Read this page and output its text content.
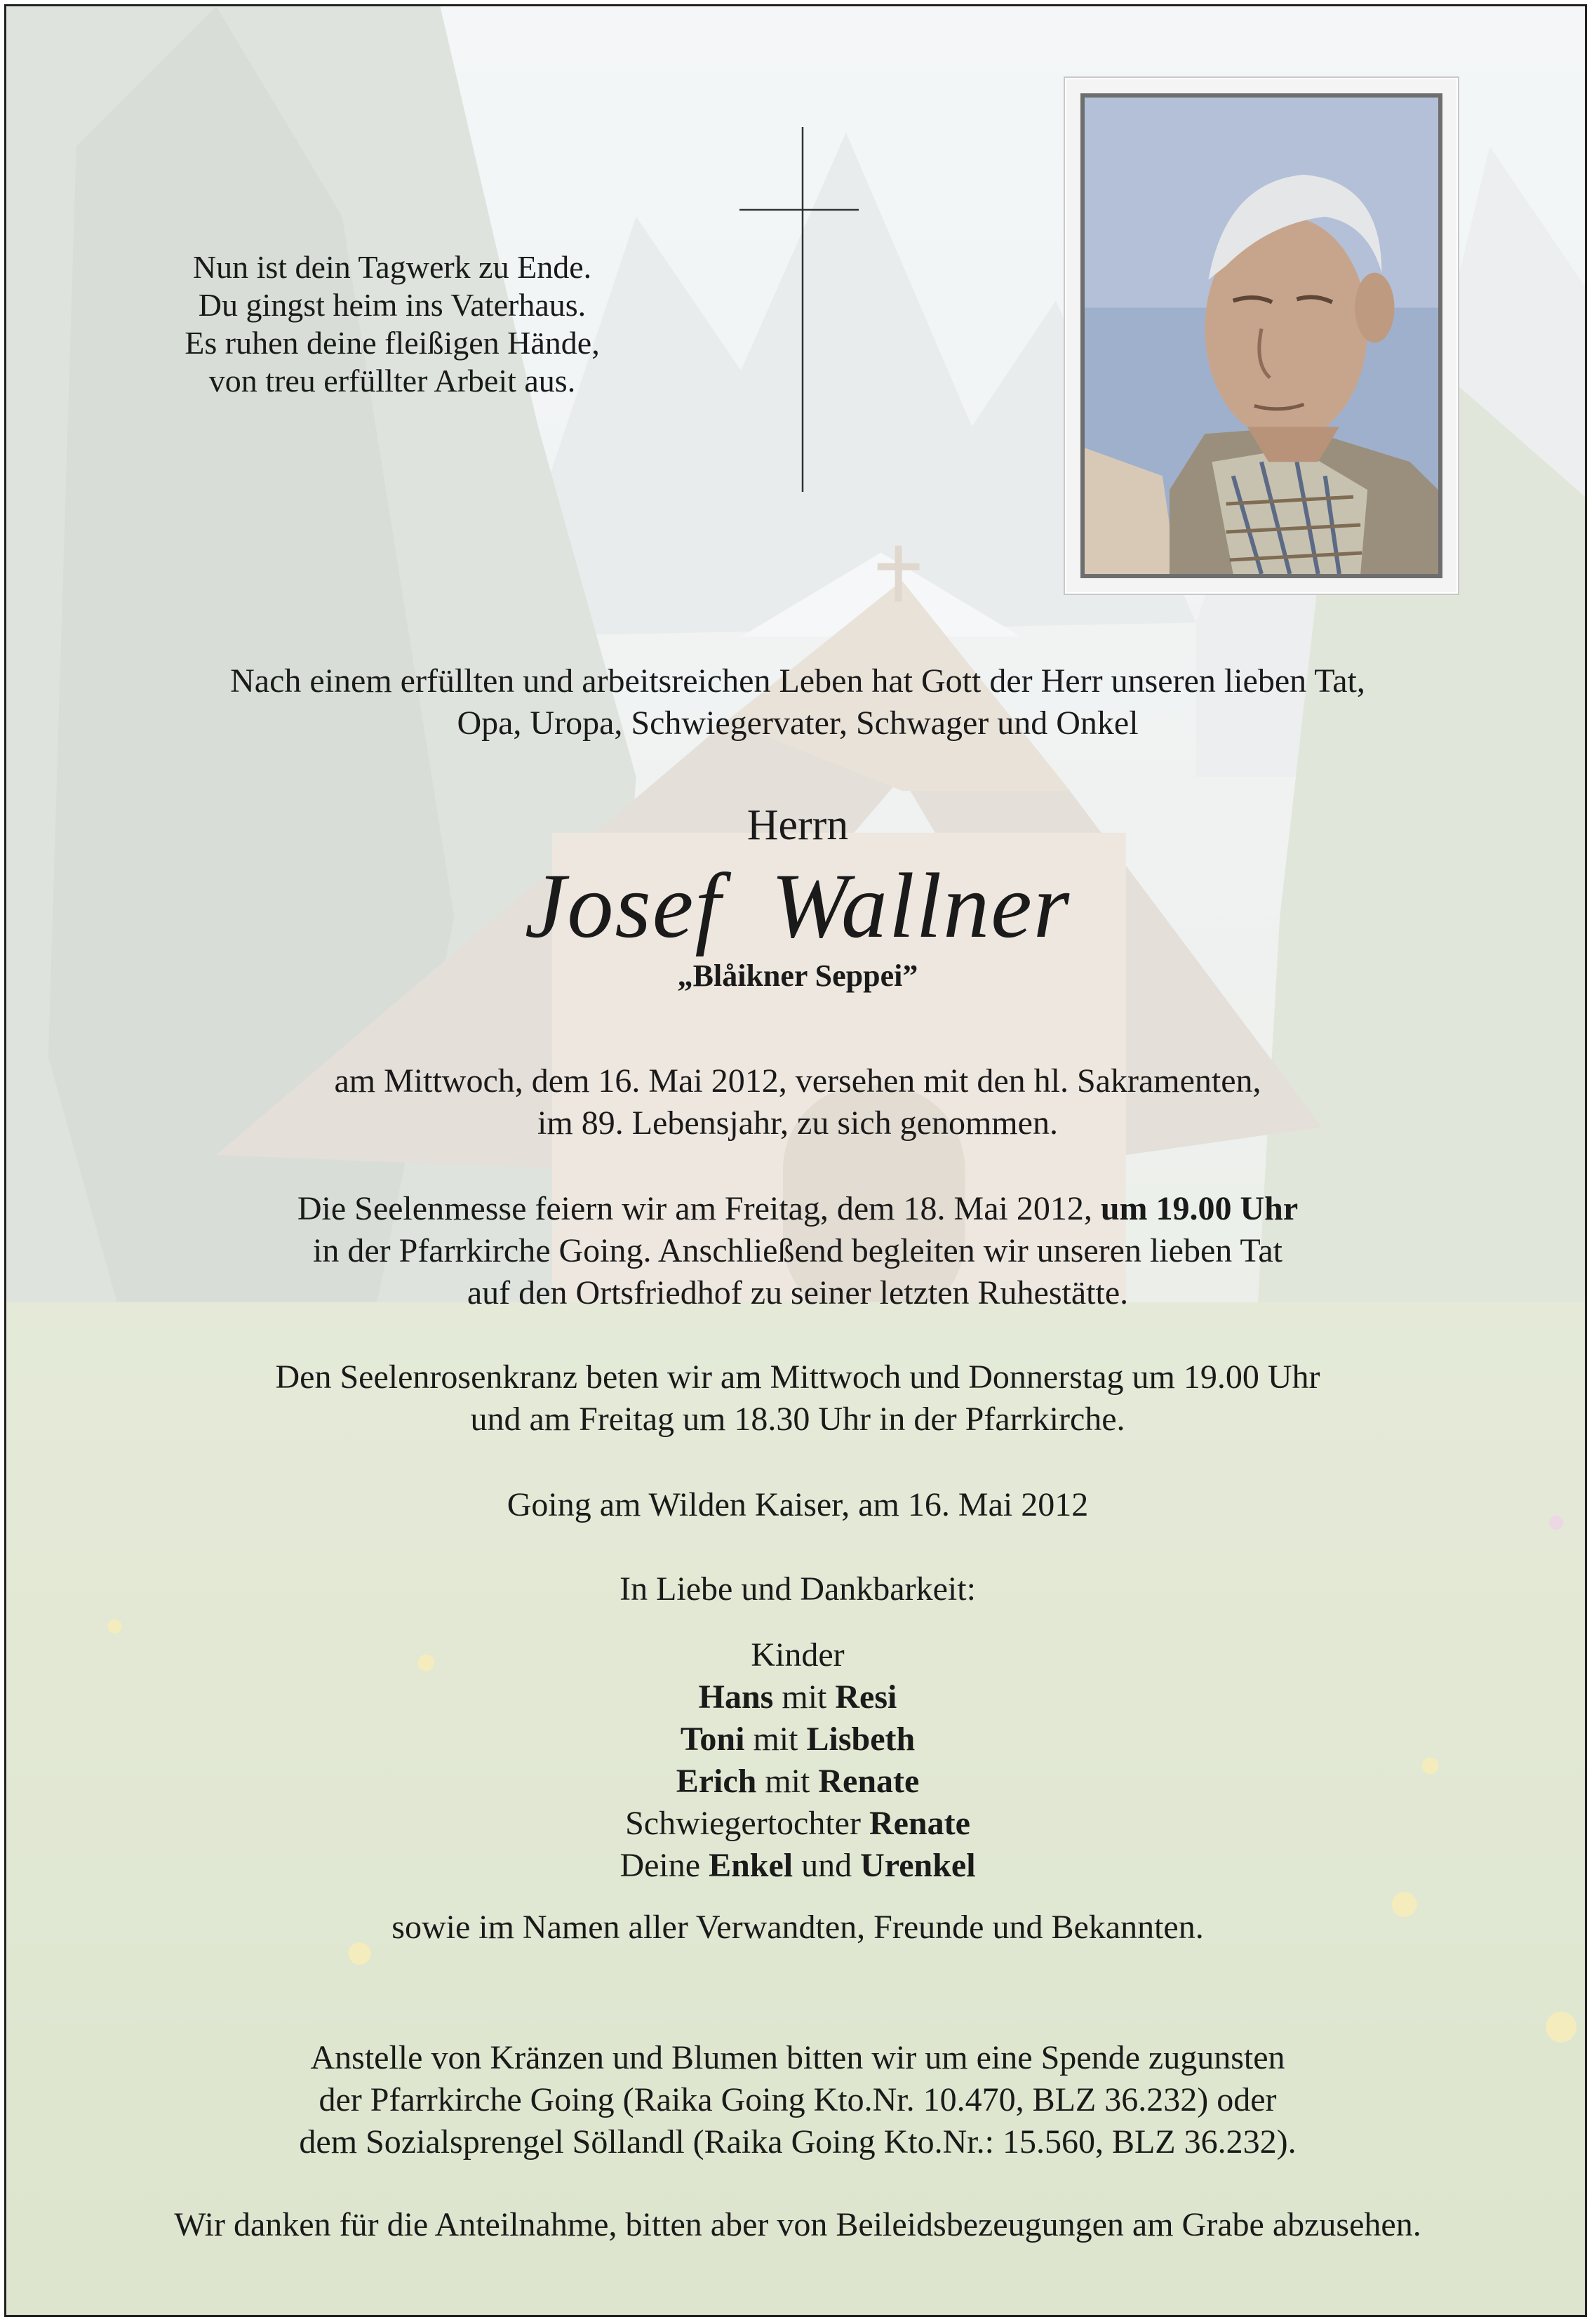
Nun ist dein Tagwerk zu Ende.
Du gingst heim ins Vaterhaus.
Es ruhen deine fleißigen Hände,
von treu erfüllter Arbeit aus.
Nach einem erfüllten und arbeitsreichen Leben hat Gott der Herr unseren lieben Tat,
Opa, Uropa, Schwiegervater, Schwager und Onkel
Herrn
Josef  Wallner
„Blåikner Seppei”
am Mittwoch, dem 16. Mai 2012, versehen mit den hl. Sakramenten,
im 89. Lebensjahr, zu sich genommen.
Die Seelenmesse feiern wir am Freitag, dem 18. Mai 2012, um 19.00 Uhr
in der Pfarrkirche Going. Anschließend begleiten wir unseren lieben Tat
auf den Ortsfriedhof zu seiner letzten Ruhestätte.
Den Seelenrosenkranz beten wir am Mittwoch und Donnerstag um 19.00 Uhr
und am Freitag um 18.30 Uhr in der Pfarrkirche.
Going am Wilden Kaiser, am 16. Mai 2012
In Liebe und Dankbarkeit:
Kinder
Hans mit Resi
Toni mit Lisbeth
Erich mit Renate
Schwiegertochter Renate
Deine Enkel und Urenkel
sowie im Namen aller Verwandten, Freunde und Bekannten.
Anstelle von Kränzen und Blumen bitten wir um eine Spende zugunsten
der Pfarrkirche Going (Raika Going Kto.Nr. 10.470, BLZ 36.232) oder
dem Sozialsprengel Söllandl (Raika Going Kto.Nr.: 15.560, BLZ 36.232).
Wir danken für die Anteilnahme, bitten aber von Beileidsbezeugungen am Grabe abzusehen.
